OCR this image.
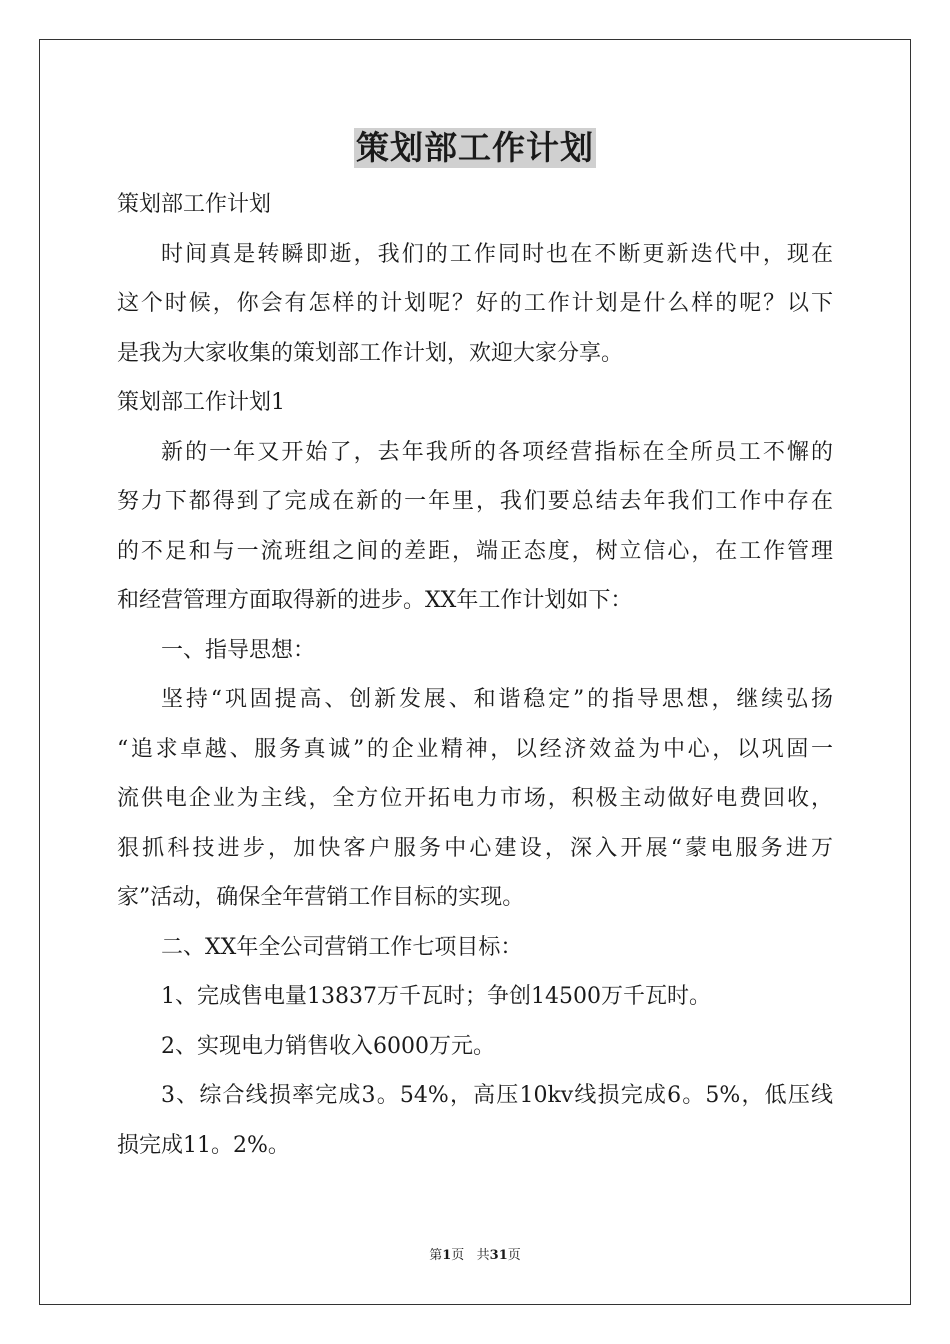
策划部工作计划
策划部工作计划
时间真是转瞬即逝，我们的工作同时也在不断更新迭代中，现在
这个时候，你会有怎样的计划呢？好的工作计划是什么样的呢？以下
是我为大家收集的策划部工作计划，欢迎大家分享。
策划部工作计划1
新的一年又开始了，去年我所的各项经营指标在全所员工不懈的
努力下都得到了完成在新的一年里，我们要总结去年我们工作中存在
的不足和与一流班组之间的差距，端正态度，树立信心，在工作管理
和经营管理方面取得新的进步。XX年工作计划如下：
一、指导思想：
坚持“巩固提高、创新发展、和谐稳定”的指导思想，继续弘扬
“追求卓越、服务真诚”的企业精神，以经济效益为中心，以巩固一
流供电企业为主线，全方位开拓电力市场，积极主动做好电费回收，
狠抓科技进步，加快客户服务中心建设，深入开展“蒙电服务进万
家”活动，确保全年营销工作目标的实现。
二、XX年全公司营销工作七项目标：
1、完成售电量13837万千瓦时；争创14500万千瓦时。
2、实现电力销售收入6000万元。
3、综合线损率完成3。54%，高压10kv线损完成6。5%，低压线
损完成11。2%。
第1页   共31页
